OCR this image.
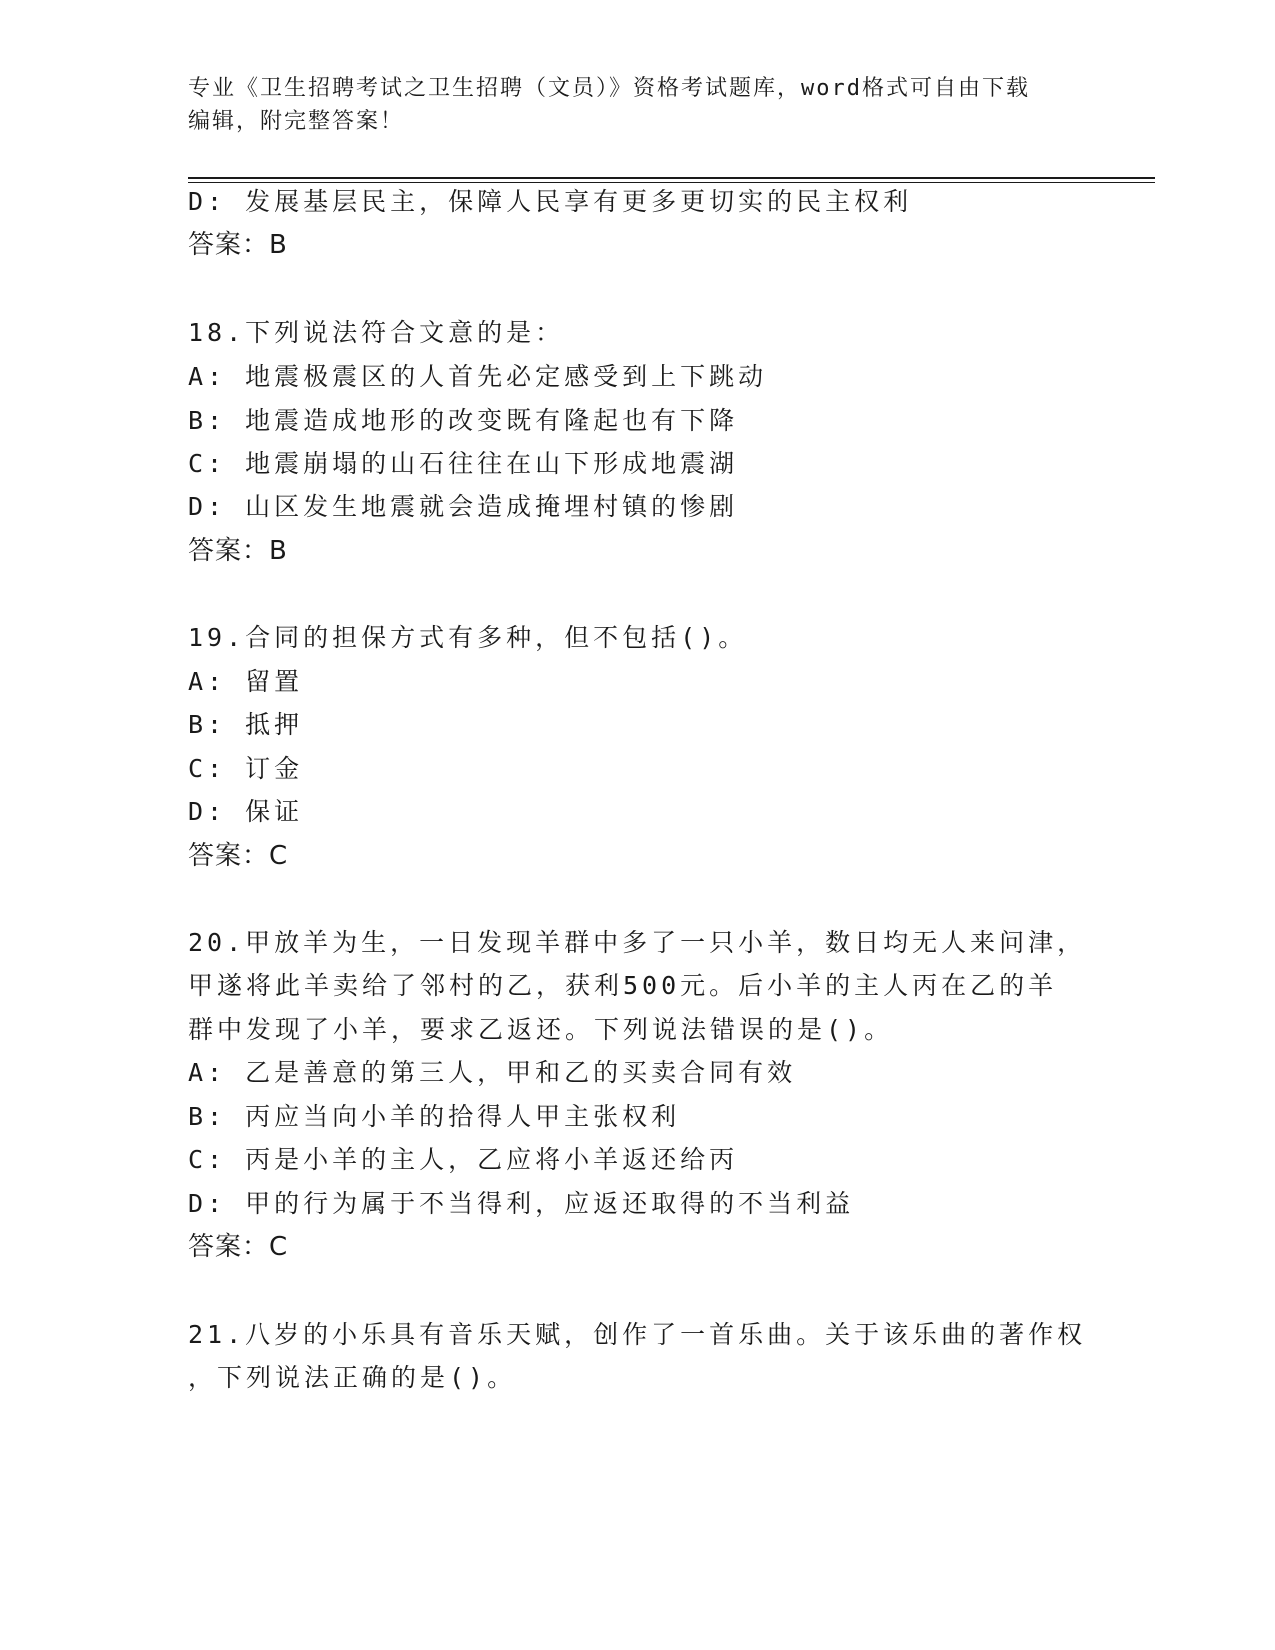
专业《卫生招聘考试之卫生招聘（文员）》资格考试题库，word格式可自由下载
编辑，附完整答案！
D: 发展基层民主，保障人民享有更多更切实的民主权利
答案：B
18.下列说法符合文意的是：
A: 地震极震区的人首先必定感受到上下跳动
B: 地震造成地形的改变既有隆起也有下降
C: 地震崩塌的山石往往在山下形成地震湖
D: 山区发生地震就会造成掩埋村镇的惨剧
答案：B
19.合同的担保方式有多种，但不包括()。
A: 留置
B: 抵押
C: 订金
D: 保证
答案：C
20.甲放羊为生，一日发现羊群中多了一只小羊，数日均无人来问津，
甲遂将此羊卖给了邻村的乙，获利500元。后小羊的主人丙在乙的羊
群中发现了小羊，要求乙返还。下列说法错误的是()。
A: 乙是善意的第三人，甲和乙的买卖合同有效
B: 丙应当向小羊的拾得人甲主张权利
C: 丙是小羊的主人，乙应将小羊返还给丙
D: 甲的行为属于不当得利，应返还取得的不当利益
答案：C
21.八岁的小乐具有音乐天赋，创作了一首乐曲。关于该乐曲的著作权
，下列说法正确的是()。
